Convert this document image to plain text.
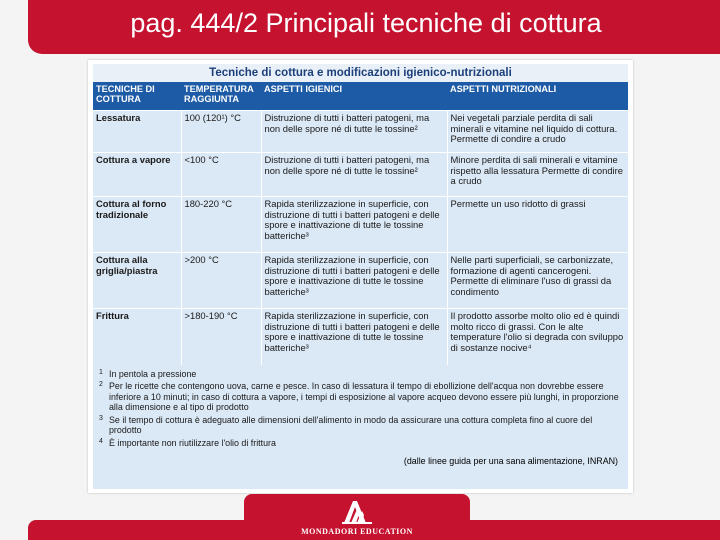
pag. 444/2 Principali tecniche di cottura
Tecniche di cottura e modificazioni igienico-nutrizionali
TECNICHE DI COTTURA	TEMPERATURA RAGGIUNTA	ASPETTI IGIENICI	ASPETTI NUTRIZIONALI
Lessatura	100 (120¹) °C	Distruzione di tutti i batteri patogeni, ma non delle spore né di tutte le tossine²	Nei vegetali parziale perdita di sali minerali e vitamine nel liquido di cottura. Permette di condire a crudo
Cottura a vapore	<100 °C	Distruzione di tutti i batteri patogeni, ma non delle spore né di tutte le tossine²	Minore perdita di sali minerali e vitamine rispetto alla lessatura Permette di condire a crudo
Cottura al forno tradizionale	180-220 °C	Rapida sterilizzazione in superficie, con distruzione di tutti i batteri patogeni e delle spore e inattivazione di tutte le tossine batteriche³	Permette un uso ridotto di grassi
Cottura alla griglia/piastra	>200 °C	Rapida sterilizzazione in superficie, con distruzione di tutti i batteri patogeni e delle spore e inattivazione di tutte le tossine batteriche³	Nelle parti superficiali, se carbonizzate, formazione di agenti cancerogeni. Permette di eliminare l'uso di grassi da condimento
Frittura	>180-190 °C	Rapida sterilizzazione in superficie, con distruzione di tutti i batteri patogeni e delle spore e inattivazione di tutte le tossine batteriche³	Il prodotto assorbe molto olio ed è quindi molto ricco di grassi. Con le alte temperature l'olio si degrada con sviluppo di sostanze nocive⁴
1 In pentola a pressione
2 Per le ricette che contengono uova, carne e pesce. In caso di lessatura il tempo di ebollizione dell'acqua non dovrebbe essere inferiore a 10 minuti; in caso di cottura a vapore, i tempi di esposizione al vapore acqueo devono essere più lunghi, in proporzione alla dimensione e al tipo di prodotto
3 Se il tempo di cottura è adeguato alle dimensioni dell'alimento in modo da assicurare una cottura completa fino al cuore del prodotto
4 È importante non riutilizzare l'olio di frittura
(dalle linee guida per una sana alimentazione, INRAN)
MONDADORI EDUCATION
